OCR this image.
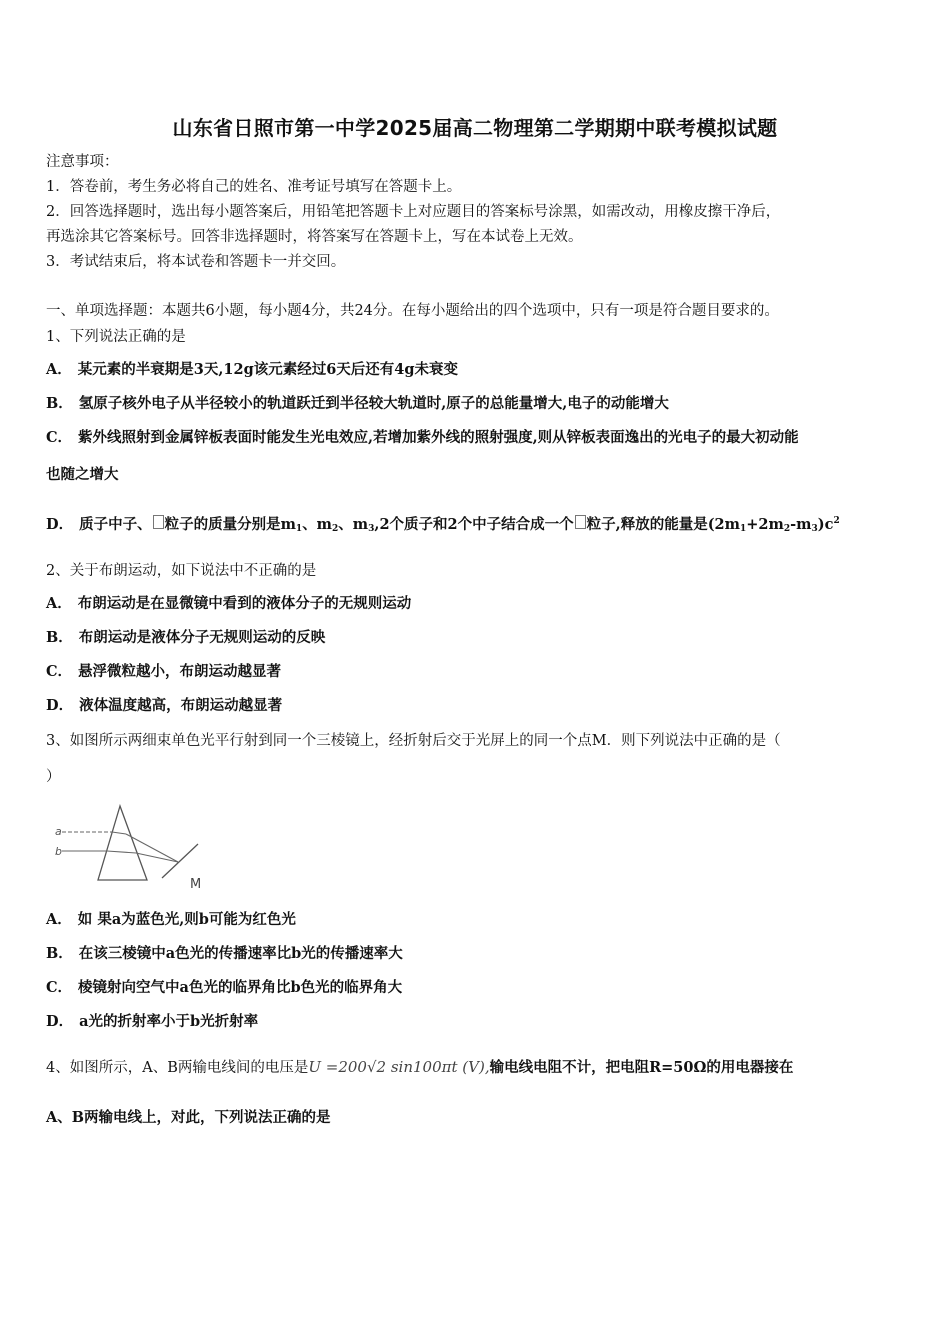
山东省日照市第一中学2025届高二物理第二学期期中联考模拟试题
注意事项：
1．答卷前，考生务必将自己的姓名、准考证号填写在答题卡上。
2．回答选择题时，选出每小题答案后，用铅笔把答题卡上对应题目的答案标号涂黑，如需改动，用橡皮擦干净后，
再选涂其它答案标号。回答非选择题时，将答案写在答题卡上，写在本试卷上无效。
3．考试结束后，将本试卷和答题卡一并交回。
一、单项选择题：本题共6小题，每小题4分，共24分。在每小题给出的四个选项中，只有一项是符合题目要求的。
1、下列说法正确的是
A． 某元素的半衰期是3天,12g该元素经过6天后还有4g未衰变
B． 氢原子核外电子从半径较小的轨道跃迁到半径较大轨道时,原子的总能量增大,电子的动能增大
C． 紫外线照射到金属锌板表面时能发生光电效应,若增加紫外线的照射强度,则从锌板表面逸出的光电子的最大初动能
也随之增大
D． 质子中子、 粒子的质量分别是$m_1$、$m_2$、$m_3,2$个质子和2个中子结合成一个 粒子,释放的能量是$(2m_1+2m_2-m_3)c^2$
2、关于布朗运动，如下说法中不正确的是
A． 布朗运动是在显微镜中看到的液体分子的无规则运动
B． 布朗运动是液体分子无规则运动的反映
C． 悬浮微粒越小，布朗运动越显著
D． 液体温度越高，布朗运动越显著
3、如图所示两细束单色光平行射到同一个三棱镜上，经折射后交于光屏上的同一个点M．则下列说法中正确的是（
）
a
b
M
A． 如 果a为蓝色光,则b可能为红色光
B． 在该三棱镜中a色光的传播速率比b光的传播速率大
C． 棱镜射向空气中a色光的临界角比b色光的临界角大
D． a光的折射率小于b光折射率
4、如图所示，A、B两输电线间的电压是U =200√2 sin100πt (V),输电线电阻不计，把电阻R=50Ω的用电器接在
A、B两输电线上，对此，下列说法正确的是
